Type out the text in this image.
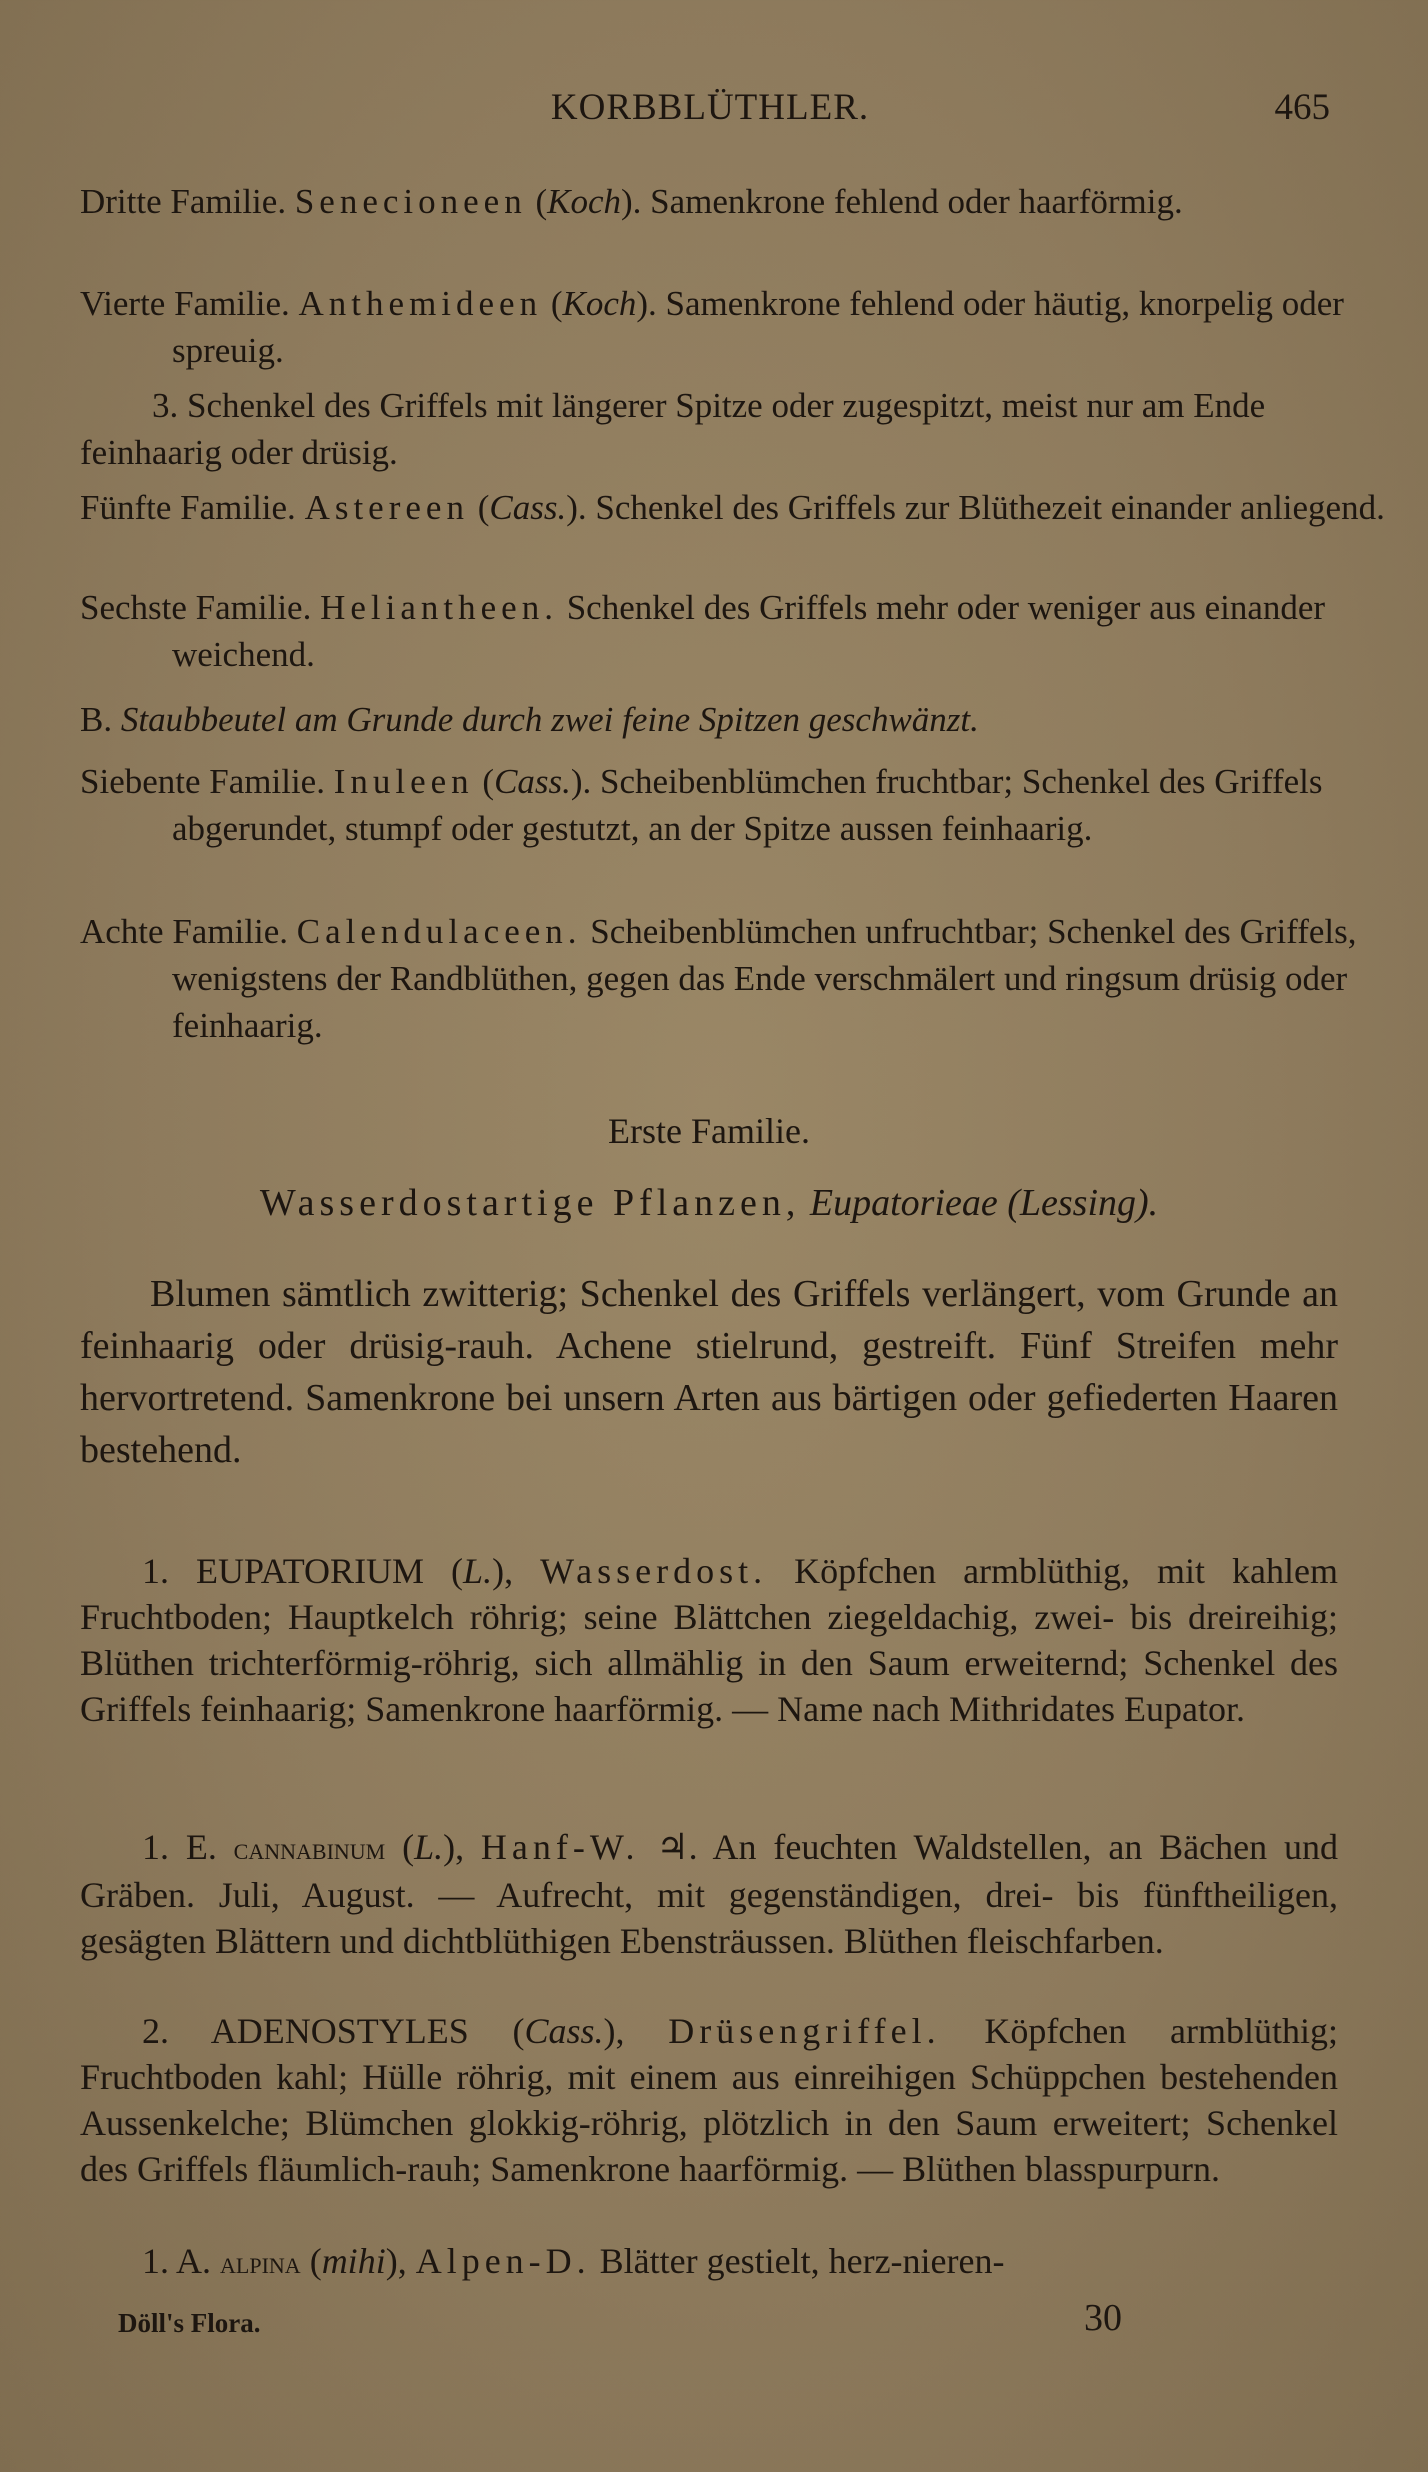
KORBBLÜTHLER.	465

Dritte Familie. Senecioneen (Koch). Samenkrone fehlend oder haarförmig.

Vierte Familie. Anthemideen (Koch). Samenkrone fehlend oder häutig, knorpelig oder spreuig.

3. Schenkel des Griffels mit längerer Spitze oder zugespitzt, meist nur am Ende feinhaarig oder drüsig.

Fünfte Familie. Astereen (Cass.). Schenkel des Griffels zur Blüthezeit einander anliegend.

Sechste Familie. Heliantheen. Schenkel des Griffels mehr oder weniger aus einander weichend.

B. Staubbeutel am Grunde durch zwei feine Spitzen geschwänzt.

Siebente Familie. Inuleen (Cass.). Scheibenblümchen fruchtbar; Schenkel des Griffels abgerundet, stumpf oder gestutzt, an der Spitze aussen feinhaarig.

Achte Familie. Calendulaceen. Scheibenblümchen unfruchtbar; Schenkel des Griffels, wenigstens der Randblüthen, gegen das Ende verschmälert und ringsum drüsig oder feinhaarig.

Erste Familie.

Wasserdostartige Pflanzen, Eupatorieae (Lessing).

Blumen sämtlich zwitterig; Schenkel des Griffels verlängert, vom Grunde an feinhaarig oder drüsig-rauh. Achene stielrund, gestreift. Fünf Streifen mehr hervortretend. Samenkrone bei unsern Arten aus bärtigen oder gefiederten Haaren bestehend.

1. EUPATORIUM (L.), Wasserdost. Köpfchen armblüthig, mit kahlem Fruchtboden; Hauptkelch röhrig; seine Blättchen ziegeldachig, zwei- bis dreireihig; Blüthen trichterförmig-röhrig, sich allmählig in den Saum erweiternd; Schenkel des Griffels feinhaarig; Samenkrone haarförmig. — Name nach Mithridates Eupator.

1. E. cannabinum (L.), Hanf-W. ♃. An feuchten Waldstellen, an Bächen und Gräben. Juli, August. — Aufrecht, mit gegenständigen, drei- bis fünftheiligen, gesägten Blättern und dichtblüthigen Ebensträussen. Blüthen fleischfarben.

2. ADENOSTYLES (Cass.), Drüsengriffel. Köpfchen armblüthig; Fruchtboden kahl; Hülle röhrig, mit einem aus einreihigen Schüppchen bestehenden Aussenkelche; Blümchen glokkig-röhrig, plötzlich in den Saum erweitert; Schenkel des Griffels fläumlich-rauh; Samenkrone haarförmig. — Blüthen blasspurpurn.

1. A. alpina (mihi), Alpen-D. Blätter gestielt, herz-nieren-

Döll's Flora.	30
